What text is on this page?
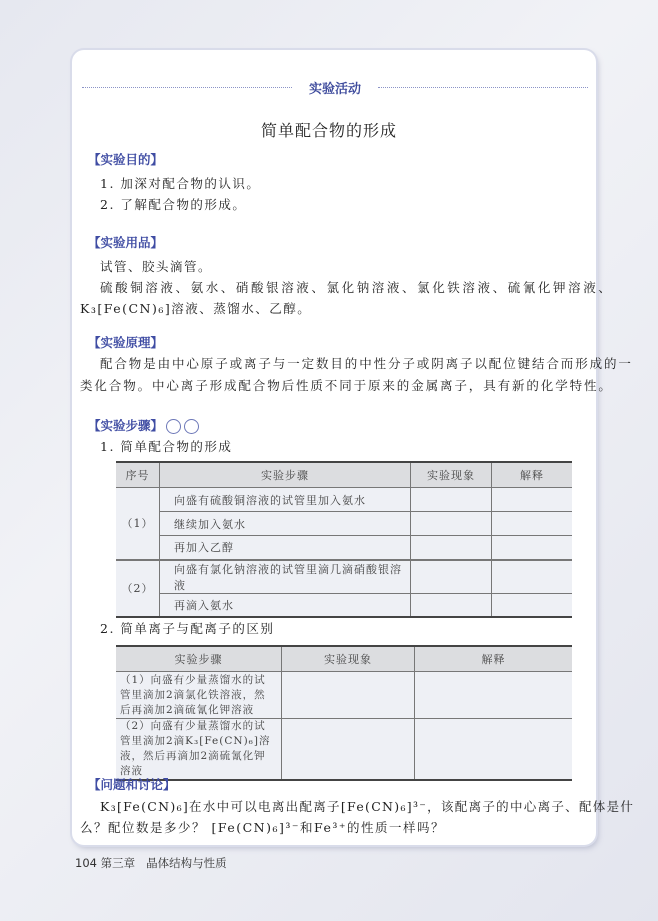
实验活动
简单配合物的形成
【实验目的】
1. 加深对配合物的认识。
2. 了解配合物的形成。
【实验用品】
试管、胶头滴管。
硫酸铜溶液、氨水、硝酸银溶液、氯化钠溶液、氯化铁溶液、硫氰化钾溶液、
K₃[Fe(CN)₆]溶液、蒸馏水、乙醇。
【实验原理】
配合物是由中心原子或离子与一定数目的中性分子或阴离子以配位键结合而形成的一
类化合物。中心离子形成配合物后性质不同于原来的金属离子，具有新的化学特性。
【实验步骤】
1. 简单配合物的形成
序号	实验步骤	实验现象	解释
（1）	向盛有硫酸铜溶液的试管里加入氨水		
	继续加入氨水		
	再加入乙醇		
（2）	向盛有氯化钠溶液的试管里滴几滴硝酸银溶液		
	再滴入氨水		
2. 简单离子与配离子的区别
实验步骤	实验现象	解释
（1）向盛有少量蒸馏水的试管里滴加2滴氯化铁溶液，然后再滴加2滴硫氰化钾溶液		
（2）向盛有少量蒸馏水的试管里滴加2滴K₃[Fe(CN)₆]溶液，然后再滴加2滴硫氰化钾溶液		
【问题和讨论】
K₃[Fe(CN)₆]在水中可以电离出配离子[Fe(CN)₆]³⁻，该配离子的中心离子、配体是什
么？配位数是多少？ [Fe(CN)₆]³⁻和Fe³⁺的性质一样吗？
104 第三章 晶体结构与性质
